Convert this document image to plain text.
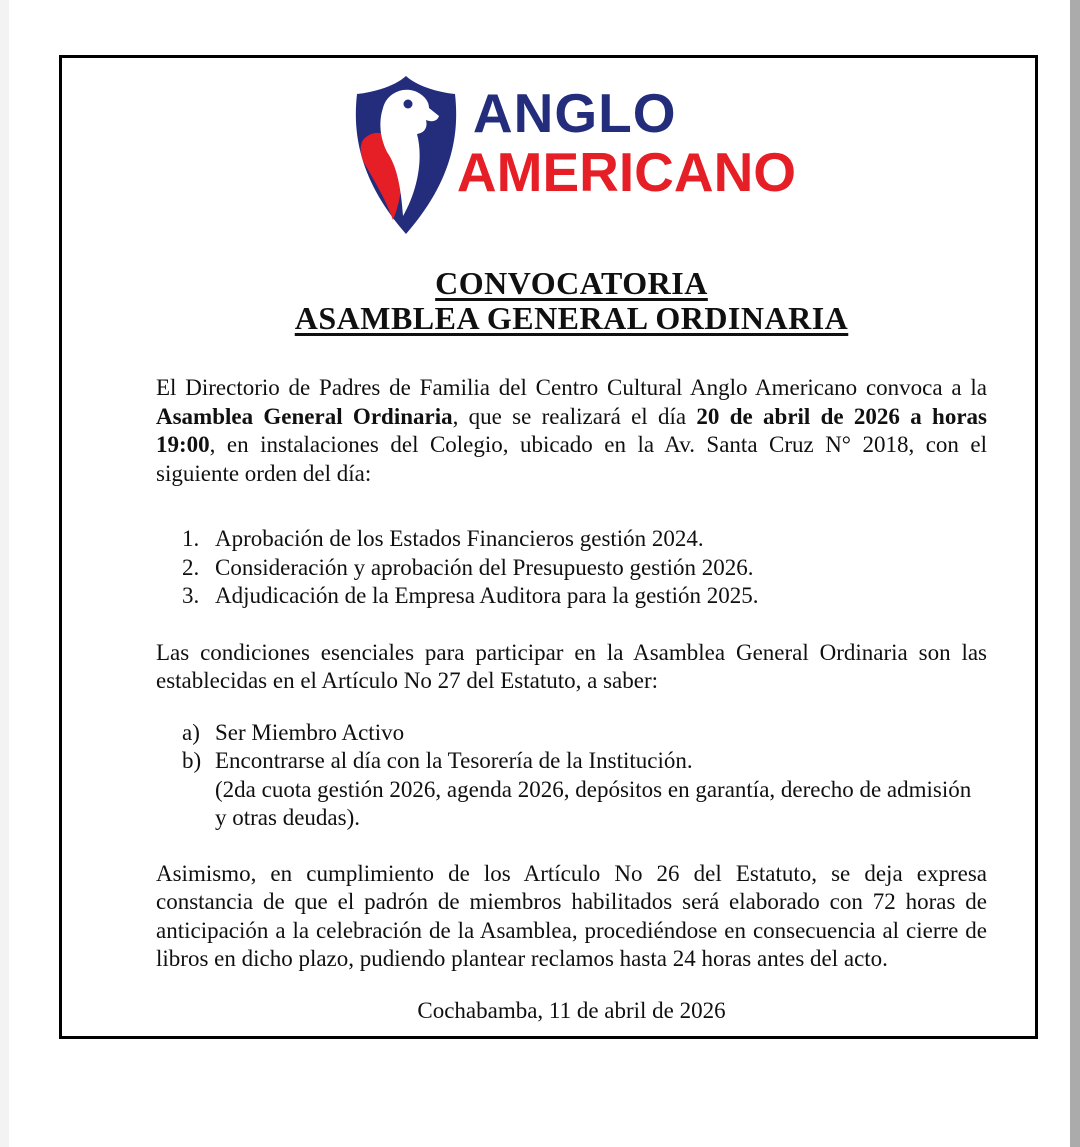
ANGLO
AMERICANO
CONVOCATORIA
ASAMBLEA GENERAL ORDINARIA

El Directorio de Padres de Familia del Centro Cultural Anglo Americano convoca a la Asamblea General Ordinaria, que se realizará el día 20 de abril de 2026 a horas 19:00, en instalaciones del Colegio, ubicado en la Av. Santa Cruz N° 2018, con el siguiente orden del día:

1. Aprobación de los Estados Financieros gestión 2024.
2. Consideración y aprobación del Presupuesto gestión 2026.
3. Adjudicación de la Empresa Auditora para la gestión 2025.

Las condiciones esenciales para participar en la Asamblea General Ordinaria son las establecidas en el Artículo No 27 del Estatuto, a saber:

a) Ser Miembro Activo
b) Encontrarse al día con la Tesorería de la Institución.
(2da cuota gestión 2026, agenda 2026, depósitos en garantía, derecho de admisión y otras deudas).

Asimismo, en cumplimiento de los Artículo No 26 del Estatuto, se deja expresa constancia de que el padrón de miembros habilitados será elaborado con 72 horas de anticipación a la celebración de la Asamblea, procediéndose en consecuencia al cierre de libros en dicho plazo, pudiendo plantear reclamos hasta 24 horas antes del acto.

Cochabamba, 11 de abril de 2026
